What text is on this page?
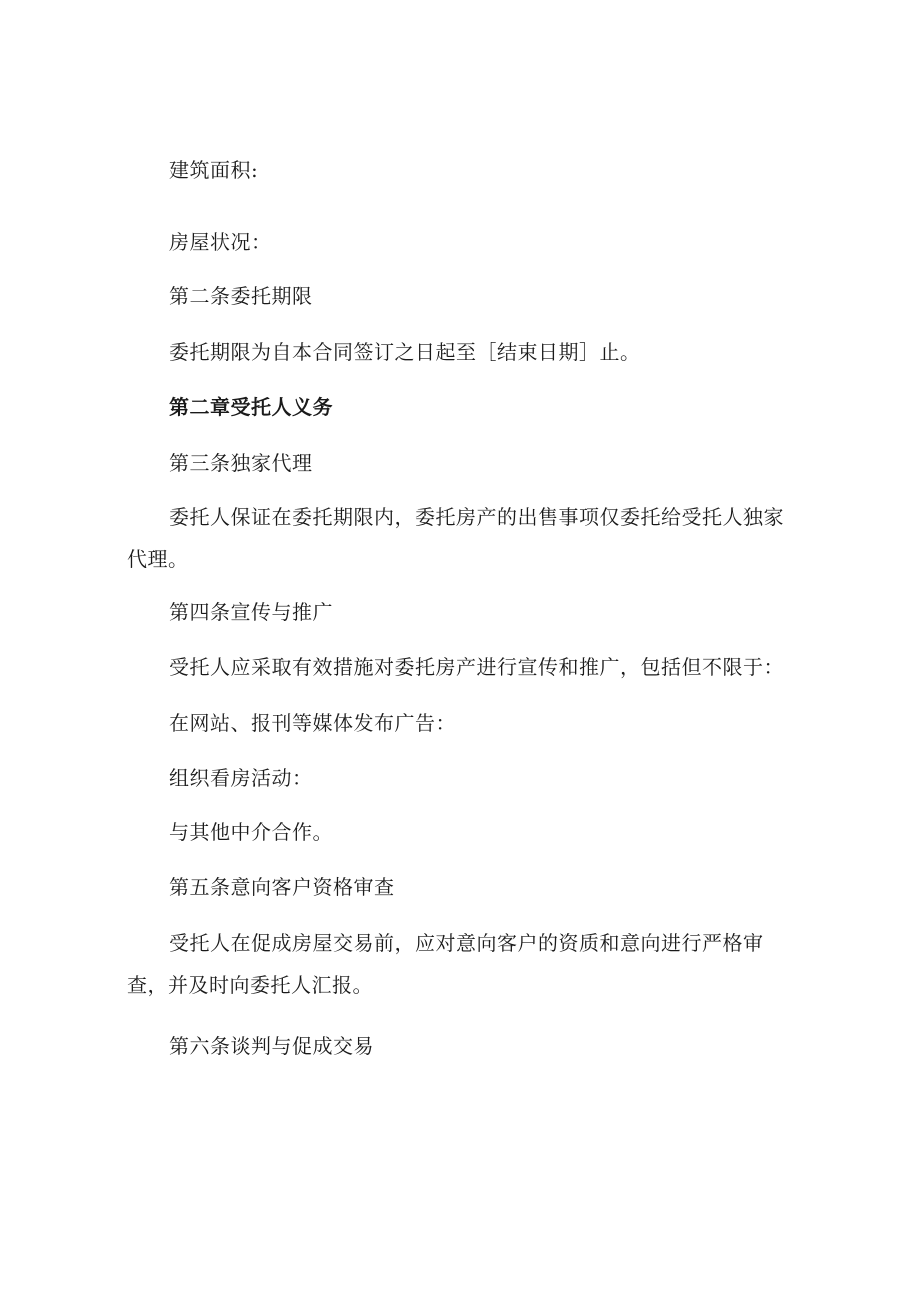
建筑面积:

房屋状况：

第二条委托期限

委托期限为自本合同签订之日起至［结束日期］止。

第二章受托人义务

第三条独家代理

委托人保证在委托期限内，委托房产的出售事项仅委托给受托人独家代理。

第四条宣传与推广

受托人应采取有效措施对委托房产进行宣传和推广，包括但不限于：

在网站、报刊等媒体发布广告：

组织看房活动：

与其他中介合作。

第五条意向客户资格审查

受托人在促成房屋交易前，应对意向客户的资质和意向进行严格审查，并及时向委托人汇报。

第六条谈判与促成交易
